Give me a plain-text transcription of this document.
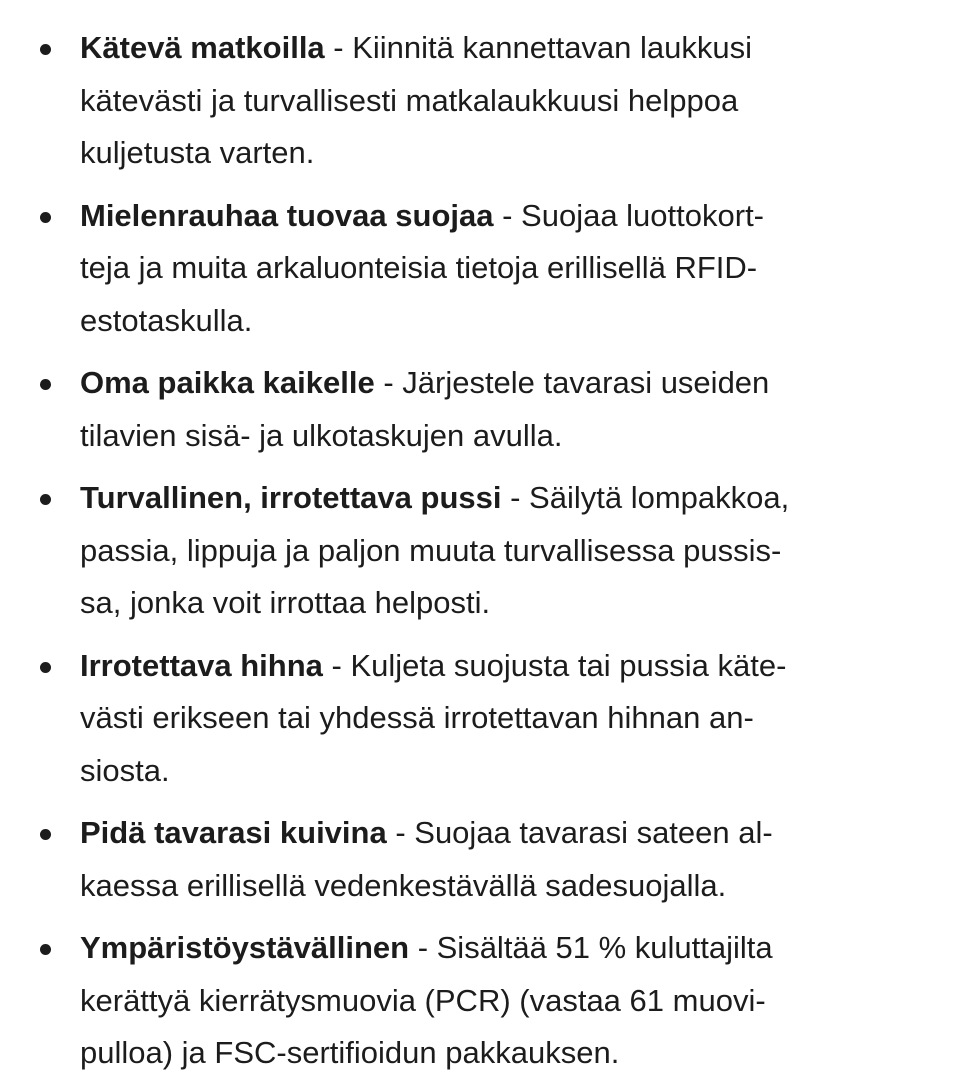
Kätevä matkoilla - Kiinnitä kannettavan laukkusi
kätevästi ja turvallisesti matkalaukkuusi helppoa
kuljetusta varten.
Mielenrauhaa tuovaa suojaa - Suojaa luottokort-
teja ja muita arkaluonteisia tietoja erillisellä RFID-
estotaskulla.
Oma paikka kaikelle - Järjestele tavarasi useiden
tilavien sisä- ja ulkotaskujen avulla.
Turvallinen, irrotettava pussi - Säilytä lompakkoa,
passia, lippuja ja paljon muuta turvallisessa pussis-
sa, jonka voit irrottaa helposti.
Irrotettava hihna - Kuljeta suojusta tai pussia käte-
västi erikseen tai yhdessä irrotettavan hihnan an-
siosta.
Pidä tavarasi kuivina - Suojaa tavarasi sateen al-
kaessa erillisellä vedenkestävällä sadesuojalla.
Ympäristöystävällinen - Sisältää 51 % kuluttajilta
kerättyä kierrätysmuovia (PCR) (vastaa 61 muovi-
pulloa) ja FSC-sertifioidun pakkauksen.
